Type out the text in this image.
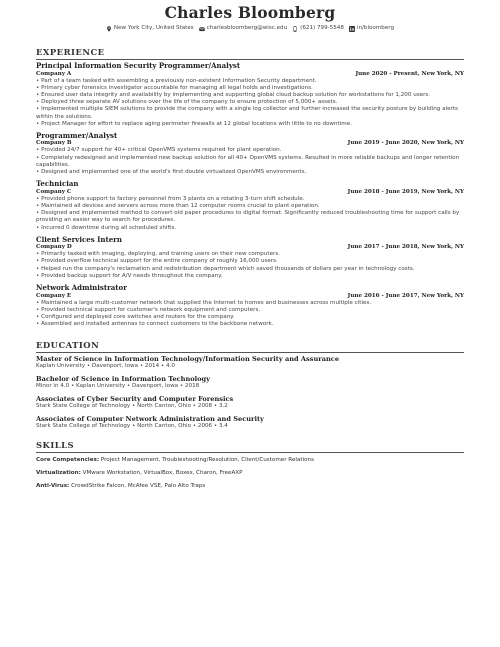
Charles Bloomberg
New York City, United States charlesbloomberg@wisc.edu (621) 799-5548 in/bloomberg
EXPERIENCE
Principal Information Security Programmer/Analyst
Company A	June 2020 - Present, New York, NY
• Part of a team tasked with assembling a previously non-existent Information Security department.
• Primary cyber forensics investigator accountable for managing all legal holds and investigations.
• Ensured user data integrity and availability by implementing and supporting global cloud backup solution for workstations for 1,200 users.
• Deployed three separate AV solutions over the life of the company to ensure protection of 5,000+ assets.
• Implemented multiple SIEM solutions to provide the company with a single log collector and further increased the security posture by building alerts within the solutions.
• Project Manager for effort to replace aging perimeter firewalls at 12 global locations with little to no downtime.
Programmer/Analyst
Company B	June 2019 - June 2020, New York, NY
• Provided 24/7 support for 40+ critical OpenVMS systems required for plant operation.
• Completely redesigned and implemented new backup solution for all 40+ OpenVMS systems. Resulted in more reliable backups and longer retention capabilities.
• Designed and implemented one of the world's first double virtualized OpenVMS environments.
Technician
Company C	June 2018 - June 2019, New York, NY
• Provided phone support to factory personnel from 3 plants on a rotating 3-turn shift schedule.
• Maintained all devices and servers across more than 12 computer rooms crucial to plant operation.
• Designed and implemented method to convert old paper procedures to digital format. Significantly reduced troubleshooting time for support calls by providing an easier way to search for procedures.
• Incurred 0 downtime during all scheduled shifts.
Client Services Intern
Company D	June 2017 - June 2018, New York, NY
• Primarily tasked with imaging, deploying, and training users on their new computers.
• Provided overflow technical support for the entire company of roughly 16,000 users.
• Helped run the company's reclamation and redistribution department which saved thousands of dollars per year in technology costs.
• Provided backup support for A/V needs throughout the company.
Network Administrator
Company E	June 2016 - June 2017, New York, NY
• Maintained a large multi-customer network that supplied the Internet to homes and businesses across multiple cities.
• Provided technical support for customer's network equipment and computers.
• Configured and deployed core switches and routers for the company.
• Assembled and installed antennas to connect customers to the backbone network.
EDUCATION
Master of Science in Information Technology/Information Security and Assurance
Kaplan University • Davenport, Iowa • 2014 • 4.0
Bachelor of Science in Information Technology
Minor in 4.0 • Kaplan University • Davenport, Iowa • 2018
Associates of Cyber Security and Computer Forensics
Stark State College of Technology • North Canton, Ohio • 2008 • 3.2
Associates of Computer Network Administration and Security
Stark State College of Technology • North Canton, Ohio • 2006 • 3.4
SKILLS
Core Competencies: Project Management, Troubleshooting/Resolution, Client/Customer Relations
Virtualization: VMware Workstation, VirtualBox, Boxes, Charon, FreeAXP
Anti-Virus: CrowdStrike Falcon, McAfee VSE, Palo Alto Traps
